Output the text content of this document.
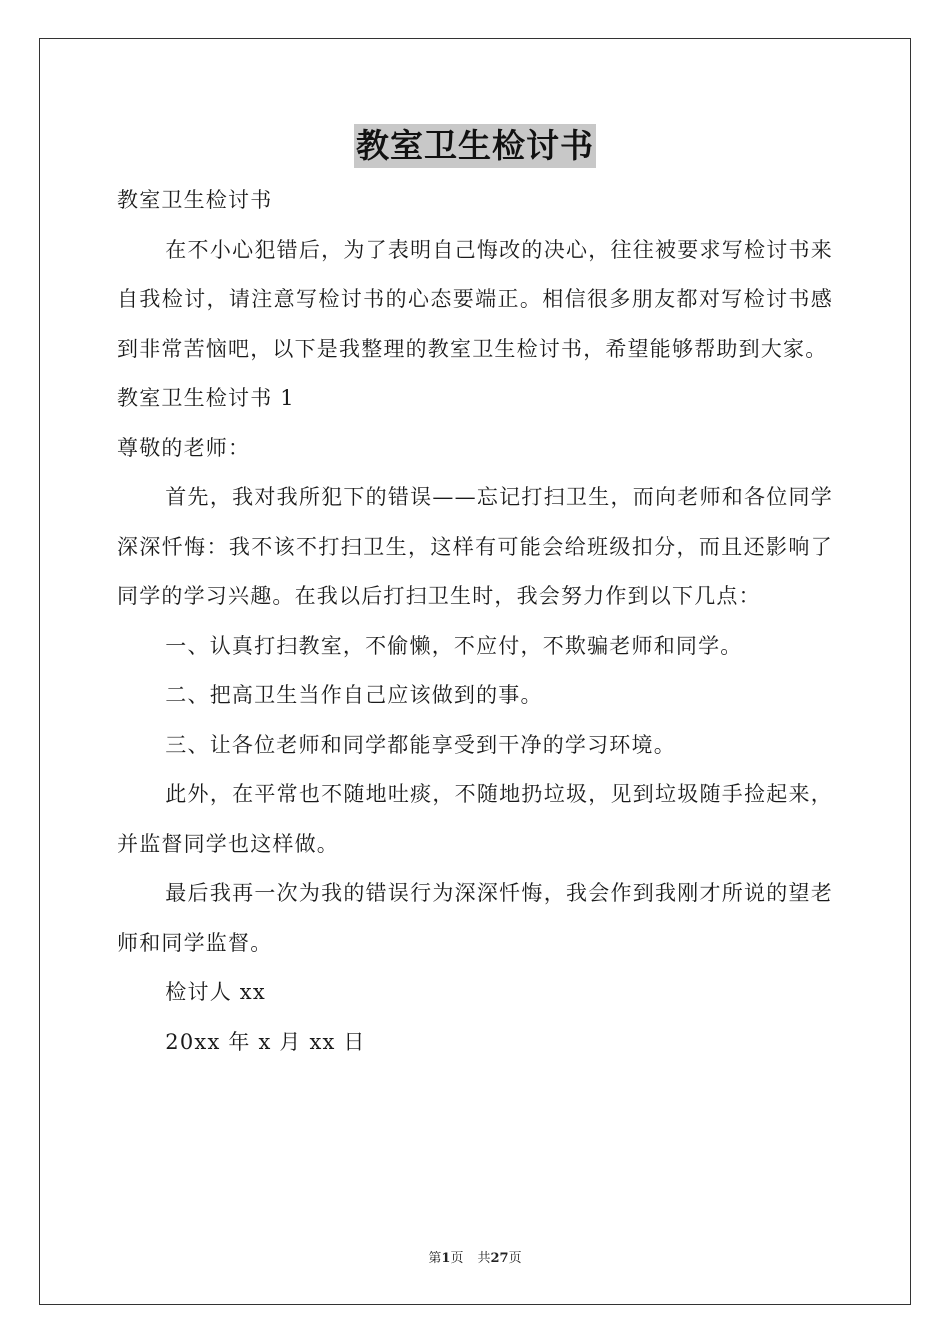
教室卫生检讨书

教室卫生检讨书

在不小心犯错后，为了表明自己悔改的决心，往往被要求写检讨书来自我检讨，请注意写检讨书的心态要端正。相信很多朋友都对写检讨书感到非常苦恼吧，以下是我整理的教室卫生检讨书，希望能够帮助到大家。

教室卫生检讨书 1

尊敬的老师：

首先，我对我所犯下的错误——忘记打扫卫生，而向老师和各位同学深深忏悔：我不该不打扫卫生，这样有可能会给班级扣分，而且还影响了同学的学习兴趣。在我以后打扫卫生时，我会努力作到以下几点：

一、认真打扫教室，不偷懒，不应付，不欺骗老师和同学。

二、把高卫生当作自己应该做到的事。

三、让各位老师和同学都能享受到干净的学习环境。

此外，在平常也不随地吐痰，不随地扔垃圾，见到垃圾随手捡起来，并监督同学也这样做。

最后我再一次为我的错误行为深深忏悔，我会作到我刚才所说的望老师和同学监督。

检讨人 xx

20xx 年 x 月 xx 日

第1页 共27页
